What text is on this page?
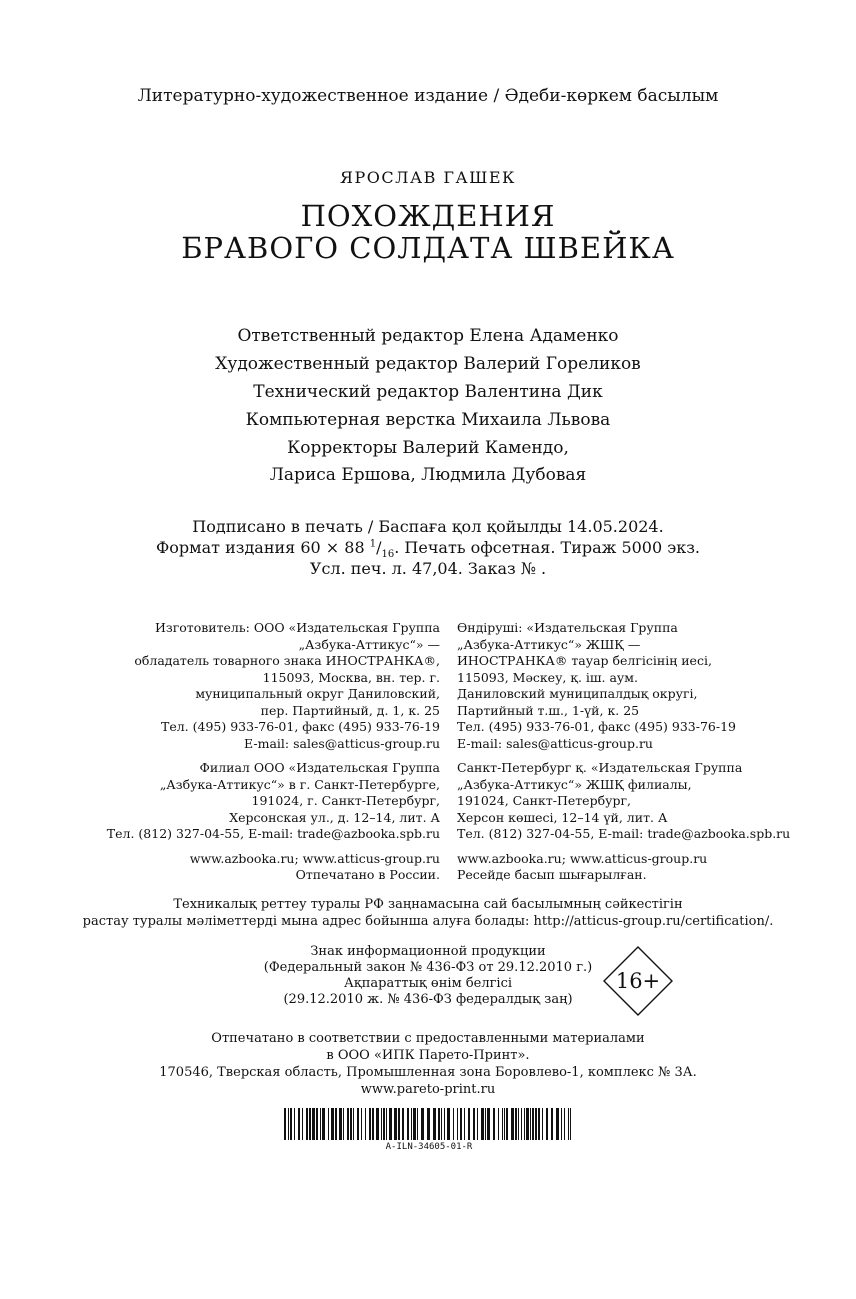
Литературно-художественное издание / Әдеби-көркем басылым
ЯРОСЛАВ ГАШЕК
ПОХОЖДЕНИЯ
БРАВОГО СОЛДАТА ШВЕЙКА
Ответственный редактор Елена Адаменко
Художественный редактор Валерий Гореликов
Технический редактор Валентина Дик
Компьютерная верстка Михаила Львова
Корректоры Валерий Камендо,
Лариса Ершова, Людмила Дубовая
Подписано в печать / Баспаға қол қойылды 14.05.2024.
Формат издания 60 × 88 $^1/_{16}$. Печать офсетная. Тираж 5000 экз.
Усл. печ. л. 47,04. Заказ № .
Изготовитель: ООО «Издательская Группа
„Азбука-Аттикус“» —
обладатель товарного знака ИНОСТРАНКА®,
115093, Москва, вн. тер. г.
муниципальный округ Даниловский,
пер. Партийный, д. 1, к. 25
Тел. (495) 933-76-01, факс (495) 933-76-19
E-mail: sales@atticus-group.ru
Филиал ООО «Издательская Группа
„Азбука-Аттикус“» в г. Санкт-Петербурге,
191024, г. Санкт-Петербург,
Херсонская ул., д. 12–14, лит. А
Тел. (812) 327-04-55, E-mail: trade@azbooka.spb.ru
www.azbooka.ru; www.atticus-group.ru
Отпечатано в России.
Өндіруші: «Издательская Группа
„Азбука-Аттикус“» ЖШҚ —
ИНОСТРАНКА® тауар белгісінің иесі,
115093, Мәскеу, қ. іш. аум.
Даниловский муниципалдық округі,
Партийный т.ш., 1-үй, к. 25
Тел. (495) 933-76-01, факс (495) 933-76-19
E-mail: sales@atticus-group.ru
Санкт-Петербург қ. «Издательская Группа
„Азбука-Аттикус“» ЖШҚ филиалы,
191024, Санкт-Петербург,
Херсон көшесі, 12–14 үй, лит. А
Тел. (812) 327-04-55, E-mail: trade@azbooka.spb.ru
www.azbooka.ru; www.atticus-group.ru
Ресейде басып шығарылған.
Техникалық реттеу туралы РФ заңнамасына сай басылымның сәйкестігін
растау туралы мәліметтерді мына адрес бойынша алуға болады: http://atticus-group.ru/certification/.
Знак информационной продукции
(Федеральный закон № 436-ФЗ от 29.12.2010 г.)
Ақпараттық өнім белгісі
(29.12.2010 ж. № 436-ФЗ федералдық заң)
16+
Отпечатано в соответствии с предоставленными материалами
в ООО «ИПК Парето-Принт».
170546, Тверская область, Промышленная зона Боровлево-1, комплекс № 3А.
www.pareto-print.ru
A-ILN-34605-01-R
